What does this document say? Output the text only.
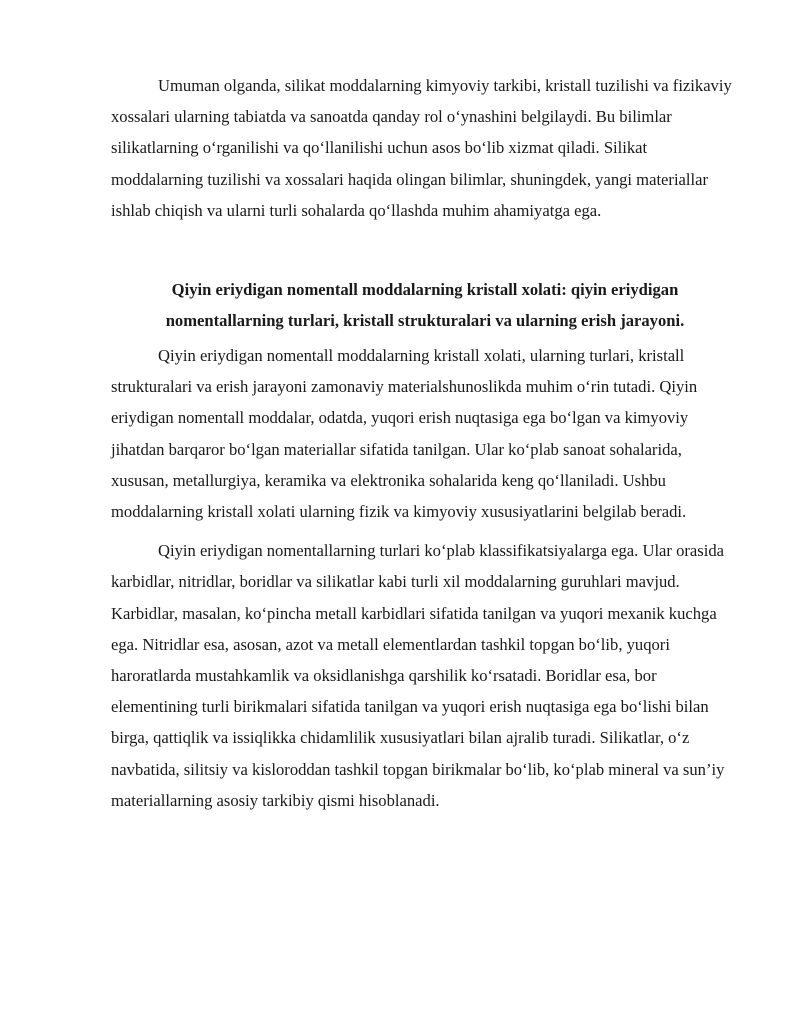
Umuman olganda, silikat moddalarning kimyoviy tarkibi, kristall tuzilishi va fizikaviy xossalari ularning tabiatda va sanoatda qanday rol o‘ynashini belgilaydi. Bu bilimlar silikatlarning o‘rganilishi va qo‘llanilishi uchun asos bo‘lib xizmat qiladi. Silikat moddalarning tuzilishi va xossalari haqida olingan bilimlar, shuningdek, yangi materiallar ishlab chiqish va ularni turli sohalarda qo‘llashda muhim ahamiyatga ega.

Qiyin eriydigan nomentall moddalarning kristall xolati: qiyin eriydigan nomentallarning turlari, kristall strukturalari va ularning erish jarayoni.

Qiyin eriydigan nomentall moddalarning kristall xolati, ularning turlari, kristall strukturalari va erish jarayoni zamonaviy materialshunoslikda muhim o‘rin tutadi. Qiyin eriydigan nomentall moddalar, odatda, yuqori erish nuqtasiga ega bo‘lgan va kimyoviy jihatdan barqaror bo‘lgan materiallar sifatida tanilgan. Ular ko‘plab sanoat sohalarida, xususan, metallurgiya, keramika va elektronika sohalarida keng qo‘llaniladi. Ushbu moddalarning kristall xolati ularning fizik va kimyoviy xususiyatlarini belgilab beradi.

Qiyin eriydigan nomentallarning turlari ko‘plab klassifikatsiyalarga ega. Ular orasida karbidlar, nitridlar, boridlar va silikatlar kabi turli xil moddalarning guruhlari mavjud. Karbidlar, masalan, ko‘pincha metall karbidlari sifatida tanilgan va yuqori mexanik kuchga ega. Nitridlar esa, asosan, azot va metall elementlardan tashkil topgan bo‘lib, yuqori haroratlarda mustahkamlik va oksidlanishga qarshilik ko‘rsatadi. Boridlar esa, bor elementining turli birikmalari sifatida tanilgan va yuqori erish nuqtasiga ega bo‘lishi bilan birga, qattiqlik va issiqlikka chidamlilik xususiyatlari bilan ajralib turadi. Silikatlar, o‘z navbatida, silitsiy va kisloroddan tashkil topgan birikmalar bo‘lib, ko‘plab mineral va sun’iy materiallarning asosiy tarkibiy qismi hisoblanadi.
